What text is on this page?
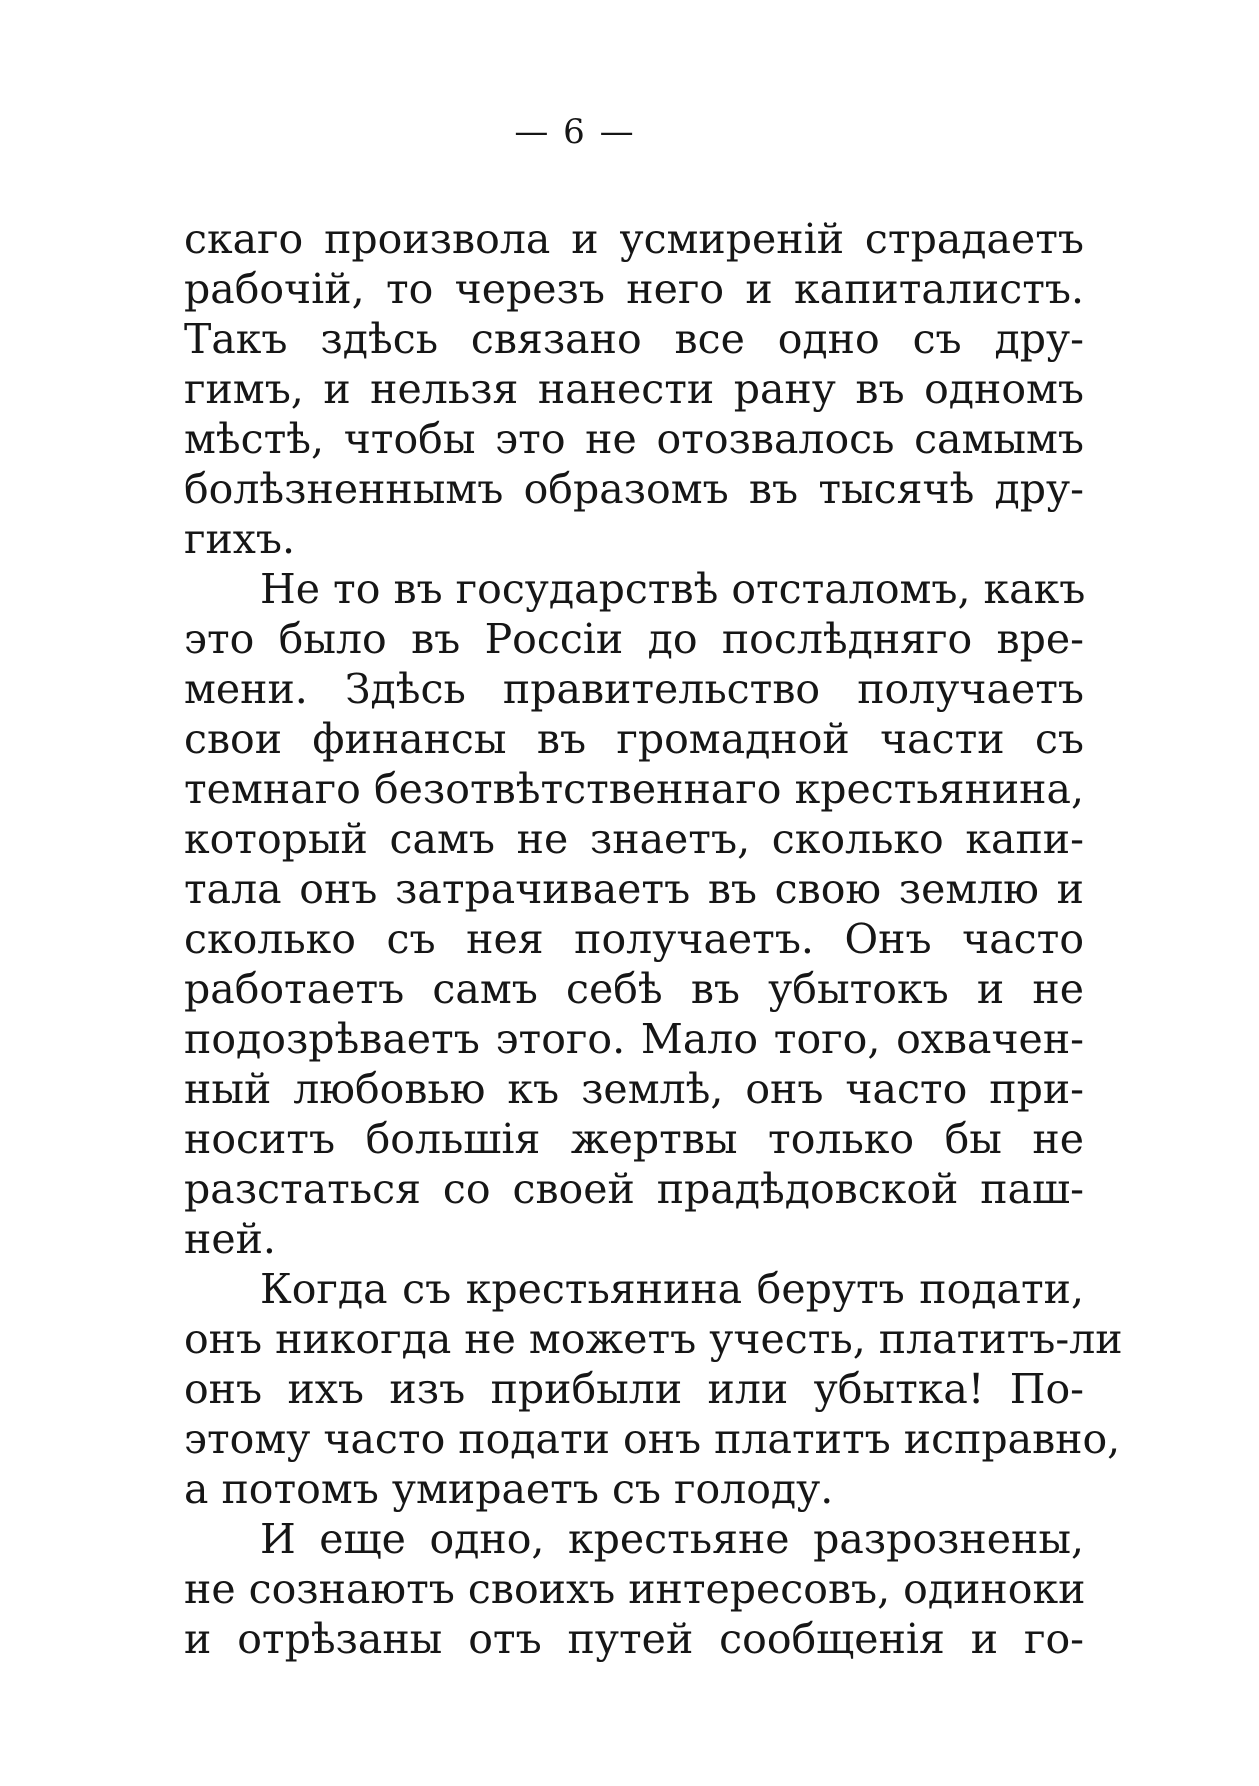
— 6 —
скаго произвола и усмиреній страдаетъ
рабочій, то черезъ него и капиталистъ.
Такъ здѣсь связано все одно съ дру-
гимъ, и нельзя нанести рану въ одномъ
мѣстѣ, чтобы это не отозвалось самымъ
болѣзненнымъ образомъ въ тысячѣ дру-
гихъ.
Не то въ государствѣ отсталомъ, какъ
это было въ Россіи до послѣдняго вре-
мени. Здѣсь правительство получаетъ
свои финансы въ громадной части съ
темнаго безотвѣтственнаго крестьянина,
который самъ не знаетъ, сколько капи-
тала онъ затрачиваетъ въ свою землю и
сколько съ нея получаетъ. Онъ часто
работаетъ самъ себѣ въ убытокъ и не
подозрѣваетъ этого. Мало того, охвачен-
ный любовью къ землѣ, онъ часто при-
носитъ большія жертвы только бы не
разстаться со своей прадѣдовской паш-
ней.
Когда съ крестьянина берутъ подати,
онъ никогда не можетъ учесть, платитъ-ли
онъ ихъ изъ прибыли или убытка! По-
этому часто подати онъ платитъ исправно,
а потомъ умираетъ съ голоду.
И еще одно, крестьяне разрознены,
не сознаютъ своихъ интересовъ, одиноки
и отрѣзаны отъ путей сообщенія и го-
